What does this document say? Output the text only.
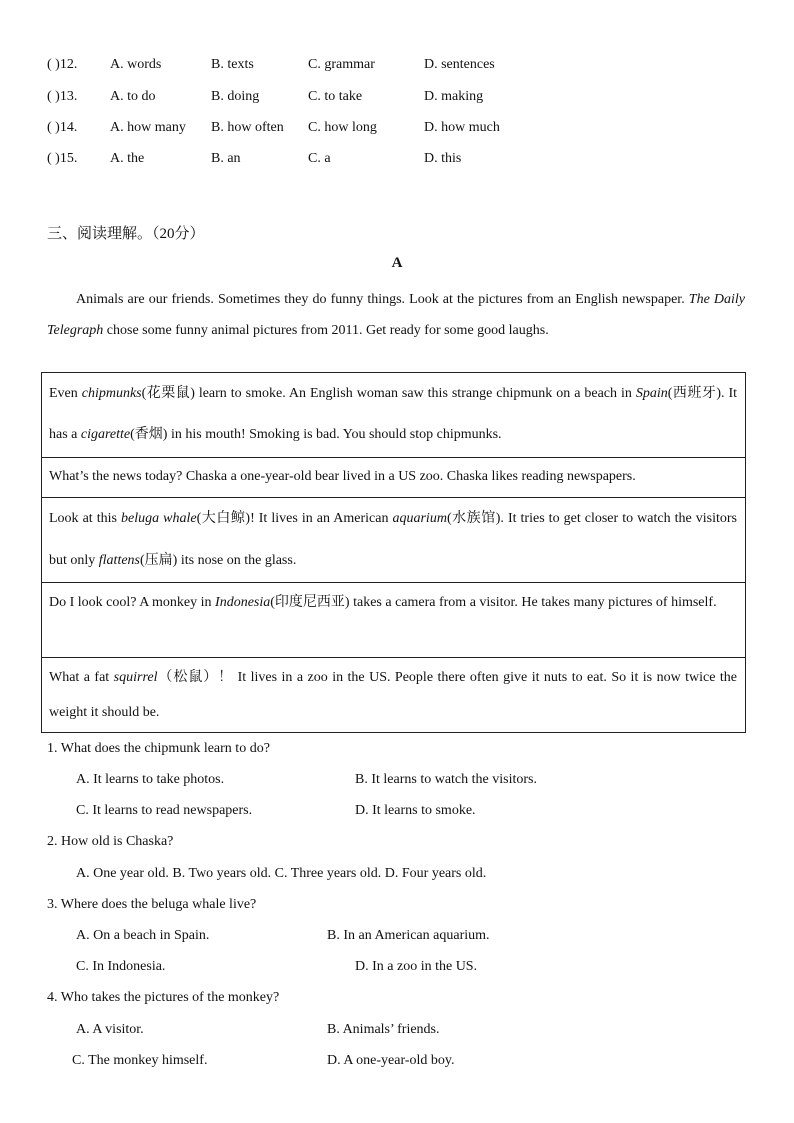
( )12. A. words	B. texts	C. grammar	D. sentences
( )13. A. to do	B. doing	C. to take	D. making
( )14. A. how many B. how often C. how long	D. how much
( )15. A. the	B. an	C. a	D. this
三、阅读理解。（20分）
A
Animals are our friends. Sometimes they do funny things. Look at the pictures from an English newspaper. The Daily Telegraph chose some funny animal pictures from 2011. Get ready for some good laughs.
Even chipmunks(花栗鼠) learn to smoke. An English woman saw this strange chipmunk on a beach in Spain(西班牙). It has a cigarette(香烟) in his mouth! Smoking is bad. You should stop chipmunks.
What’s the news today? Chaska a one-year-old bear lived in a US zoo. Chaska likes reading newspapers.
Look at this beluga whale(大白鲸)! It lives in an American aquarium(水族馆). It tries to get closer to watch the visitors but only flattens(压扁) its nose on the glass.
Do I look cool? A monkey in Indonesia(印度尼西亚) takes a camera from a visitor. He takes many pictures of himself.
What a fat squirrel（松鼠）！ It lives in a zoo in the US. People there often give it nuts to eat. So it is now twice the weight it should be.
1. What does the chipmunk learn to do?
A. It learns to take photos.	B. It learns to watch the visitors.
C. It learns to read newspapers.	D. It learns to smoke.
2. How old is Chaska?
A. One year old. B. Two years old. C. Three years old. D. Four years old.
3. Where does the beluga whale live?
A. On a beach in Spain.	B. In an American aquarium.
C. In Indonesia.	D. In a zoo in the US.
4. Who takes the pictures of the monkey?
A. A visitor.	B. Animals’ friends.
C. The monkey himself.	D. A one-year-old boy.
